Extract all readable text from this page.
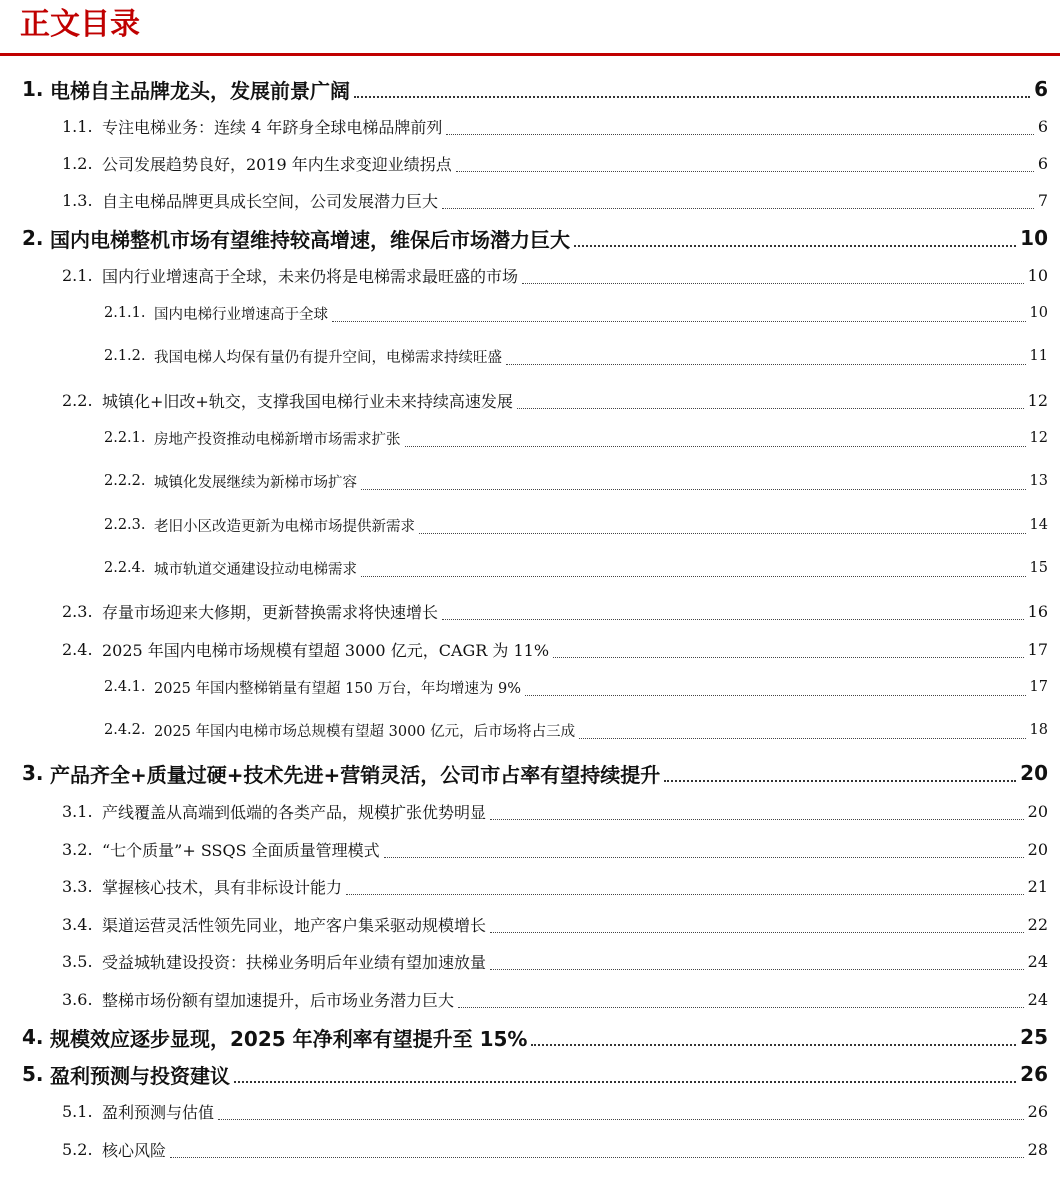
正文目录
1. 电梯自主品牌龙头，发展前景广阔	6
1.1. 专注电梯业务：连续 4 年跻身全球电梯品牌前列	6
1.2. 公司发展趋势良好，2019 年内生求变迎业绩拐点	6
1.3. 自主电梯品牌更具成长空间，公司发展潜力巨大	7
2. 国内电梯整机市场有望维持较高增速，维保后市场潜力巨大	10
2.1. 国内行业增速高于全球，未来仍将是电梯需求最旺盛的市场	10
2.1.1. 国内电梯行业增速高于全球	10
2.1.2. 我国电梯人均保有量仍有提升空间，电梯需求持续旺盛	11
2.2. 城镇化+旧改+轨交，支撑我国电梯行业未来持续高速发展	12
2.2.1. 房地产投资推动电梯新增市场需求扩张	12
2.2.2. 城镇化发展继续为新梯市场扩容	13
2.2.3. 老旧小区改造更新为电梯市场提供新需求	14
2.2.4. 城市轨道交通建设拉动电梯需求	15
2.3. 存量市场迎来大修期，更新替换需求将快速增长	16
2.4. 2025 年国内电梯市场规模有望超 3000 亿元，CAGR 为 11%	17
2.4.1. 2025 年国内整梯销量有望超 150 万台，年均增速为 9%	17
2.4.2. 2025 年国内电梯市场总规模有望超 3000 亿元，后市场将占三成	18
3. 产品齐全+质量过硬+技术先进+营销灵活，公司市占率有望持续提升	20
3.1. 产线覆盖从高端到低端的各类产品，规模扩张优势明显	20
3.2. “七个质量”+ SSQS 全面质量管理模式	20
3.3. 掌握核心技术，具有非标设计能力	21
3.4. 渠道运营灵活性领先同业，地产客户集采驱动规模增长	22
3.5. 受益城轨建设投资：扶梯业务明后年业绩有望加速放量	24
3.6. 整梯市场份额有望加速提升，后市场业务潜力巨大	24
4. 规模效应逐步显现，2025 年净利率有望提升至 15%	25
5. 盈利预测与投资建议	26
5.1. 盈利预测与估值	26
5.2. 核心风险	28
